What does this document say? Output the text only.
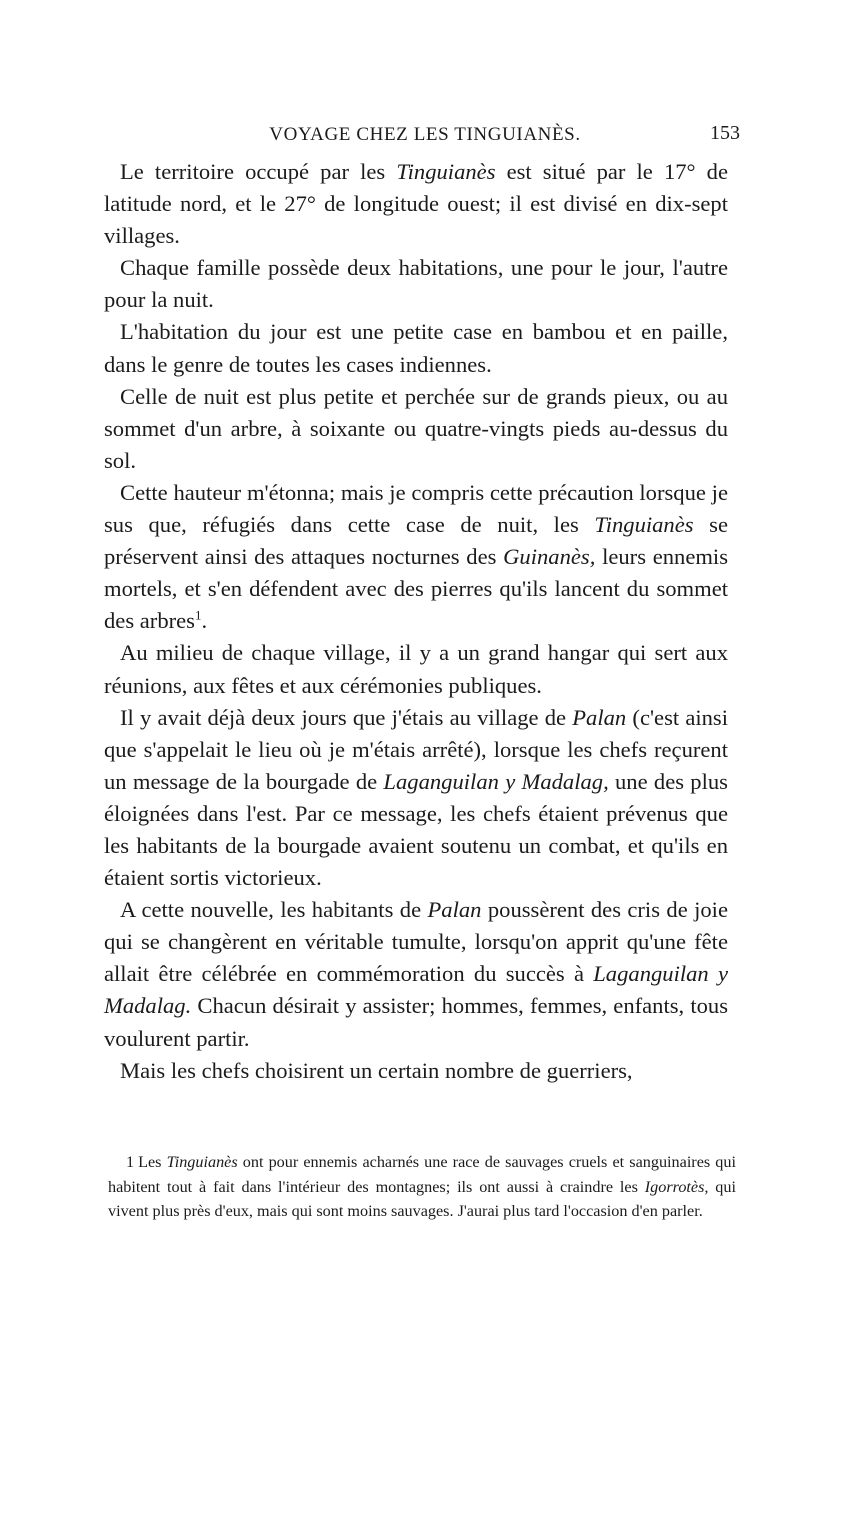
VOYAGE CHEZ LES TINGUIANÈS.	153

Le territoire occupé par les Tinguianès est situé par le 17° de latitude nord, et le 27° de longitude ouest; il est divisé en dix-sept villages.

Chaque famille possède deux habitations, une pour le jour, l'autre pour la nuit.

L'habitation du jour est une petite case en bambou et en paille, dans le genre de toutes les cases indiennes.

Celle de nuit est plus petite et perchée sur de grands pieux, ou au sommet d'un arbre, à soixante ou quatre-vingts pieds au-dessus du sol.

Cette hauteur m'étonna; mais je compris cette précaution lorsque je sus que, réfugiés dans cette case de nuit, les Tinguianès se préservent ainsi des attaques nocturnes des Guinanès, leurs ennemis mortels, et s'en défendent avec des pierres qu'ils lancent du sommet des arbres$^1$.

Au milieu de chaque village, il y a un grand hangar qui sert aux réunions, aux fêtes et aux cérémonies publiques.

Il y avait déjà deux jours que j'étais au village de Palan (c'est ainsi que s'appelait le lieu où je m'étais arrêté), lorsque les chefs reçurent un message de la bourgade de Laganguilan y Madalag, une des plus éloignées dans l'est. Par ce message, les chefs étaient prévenus que les habitants de la bourgade avaient soutenu un combat, et qu'ils en étaient sortis victorieux.

A cette nouvelle, les habitants de Palan poussèrent des cris de joie qui se changèrent en véritable tumulte, lorsqu'on apprit qu'une fête allait être célébrée en commémoration du succès à Laganguilan y Madalag. Chacun désirait y assister; hommes, femmes, enfants, tous voulurent partir.

Mais les chefs choisirent un certain nombre de guerriers,

1 Les Tinguianès ont pour ennemis acharnés une race de sauvages cruels et sanguinaires qui habitent tout à fait dans l'intérieur des montagnes; ils ont aussi à craindre les Igorrotès, qui vivent plus près d'eux, mais qui sont moins sauvages. J'aurai plus tard l'occasion d'en parler.
